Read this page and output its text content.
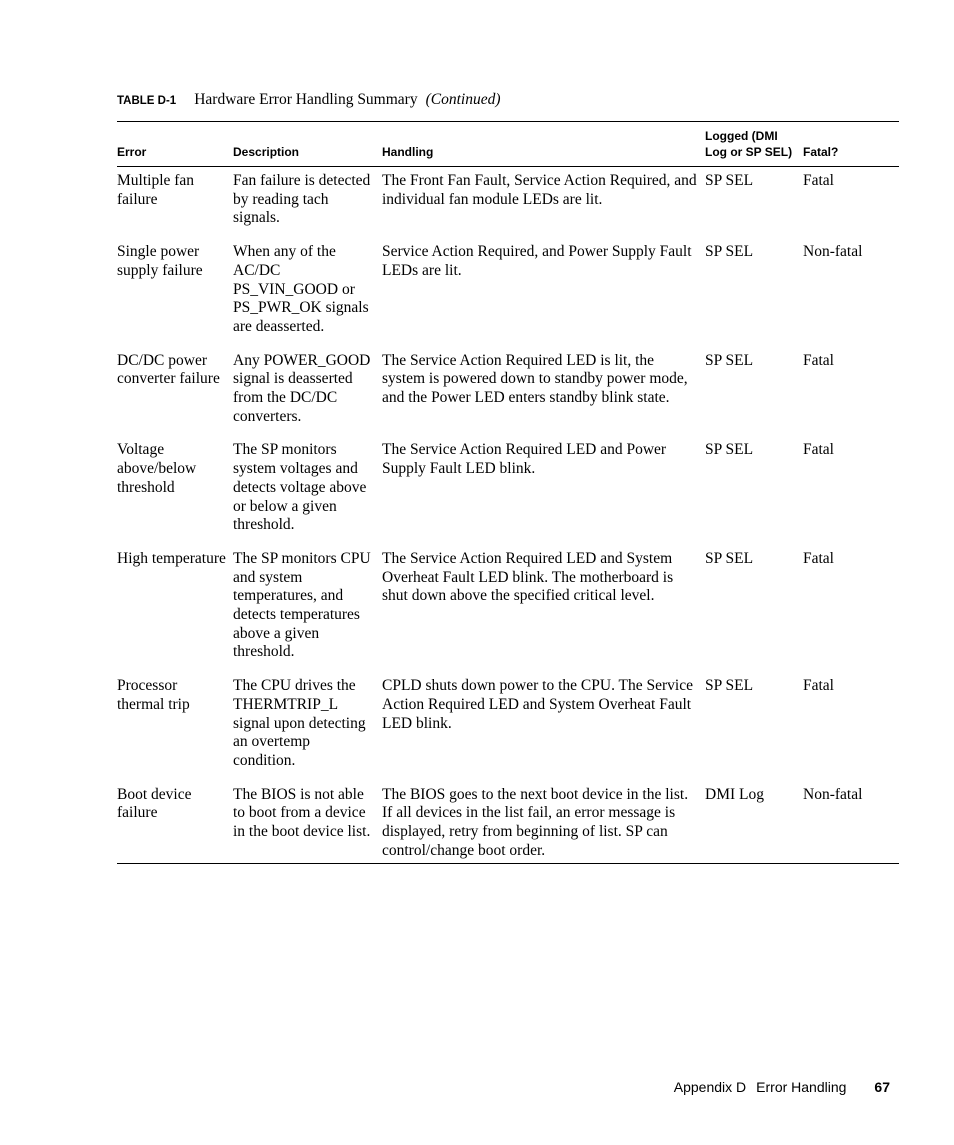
TABLE D-1 Hardware Error Handling Summary (Continued)
Error	Description	Handling	Logged (DMI Log or SP SEL)	Fatal?
Multiple fan failure	Fan failure is detected by reading tach signals.	The Front Fan Fault, Service Action Required, and individual fan module LEDs are lit.	SP SEL	Fatal
Single power supply failure	When any of the AC/DC PS_VIN_GOOD or PS_PWR_OK signals are deasserted.	Service Action Required, and Power Supply Fault LEDs are lit.	SP SEL	Non-fatal
DC/DC power converter failure	Any POWER_GOOD signal is deasserted from the DC/DC converters.	The Service Action Required LED is lit, the system is powered down to standby power mode, and the Power LED enters standby blink state.	SP SEL	Fatal
Voltage above/below threshold	The SP monitors system voltages and detects voltage above or below a given threshold.	The Service Action Required LED and Power Supply Fault LED blink.	SP SEL	Fatal
High temperature	The SP monitors CPU and system temperatures, and detects temperatures above a given threshold.	The Service Action Required LED and System Overheat Fault LED blink. The motherboard is shut down above the specified critical level.	SP SEL	Fatal
Processor thermal trip	The CPU drives the THERMTRIP_L signal upon detecting an overtemp condition.	CPLD shuts down power to the CPU. The Service Action Required LED and System Overheat Fault LED blink.	SP SEL	Fatal
Boot device failure	The BIOS is not able to boot from a device in the boot device list.	The BIOS goes to the next boot device in the list. If all devices in the list fail, an error message is displayed, retry from beginning of list. SP can control/change boot order.	DMI Log	Non-fatal
Appendix D Error Handling 67
